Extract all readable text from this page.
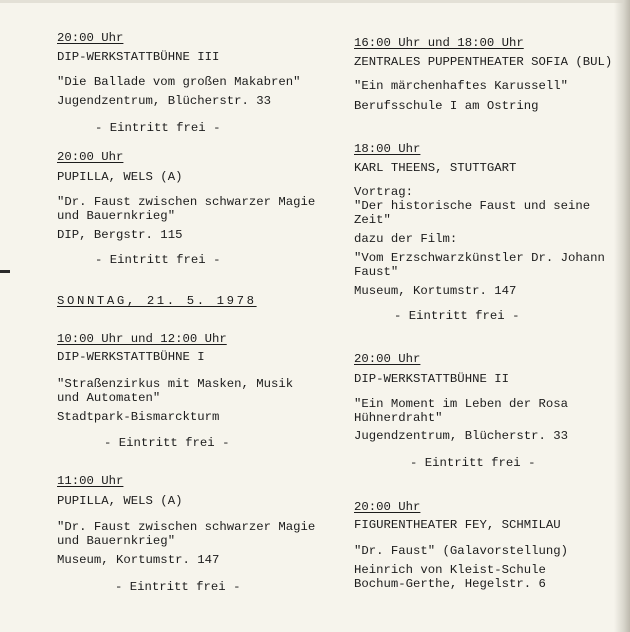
20:00 Uhr
DIP-WERKSTATTBÜHNE III
"Die Ballade vom großen Makabren"
Jugendzentrum, Blücherstr. 33
- Eintritt frei -
20:00 Uhr
PUPILLA, WELS (A)
"Dr. Faust zwischen schwarzer Magie
und Bauernkrieg"
DIP, Bergstr. 115
- Eintritt frei -
SONNTAG, 21. 5. 1978
10:00 Uhr und 12:00 Uhr
DIP-WERKSTATTBÜHNE I
"Straßenzirkus mit Masken, Musik
und Automaten"
Stadtpark-Bismarckturm
- Eintritt frei -
11:00 Uhr
PUPILLA, WELS (A)
"Dr. Faust zwischen schwarzer Magie
und Bauernkrieg"
Museum, Kortumstr. 147
- Eintritt frei -
16:00 Uhr und 18:00 Uhr
ZENTRALES PUPPENTHEATER SOFIA (BUL)
"Ein märchenhaftes Karussell"
Berufsschule I am Ostring
18:00 Uhr
KARL THEENS, STUTTGART
Vortrag:
"Der historische Faust und seine
Zeit"
dazu der Film:
"Vom Erzschwarzkünstler Dr. Johann
Faust"
Museum, Kortumstr. 147
- Eintritt frei -
20:00 Uhr
DIP-WERKSTATTBÜHNE II
"Ein Moment im Leben der Rosa
Hühnerdraht"
Jugendzentrum, Blücherstr. 33
- Eintritt frei -
20:00 Uhr
FIGURENTHEATER FEY, SCHMILAU
"Dr. Faust" (Galavorstellung)
Heinrich von Kleist-Schule
Bochum-Gerthe, Hegelstr. 6
